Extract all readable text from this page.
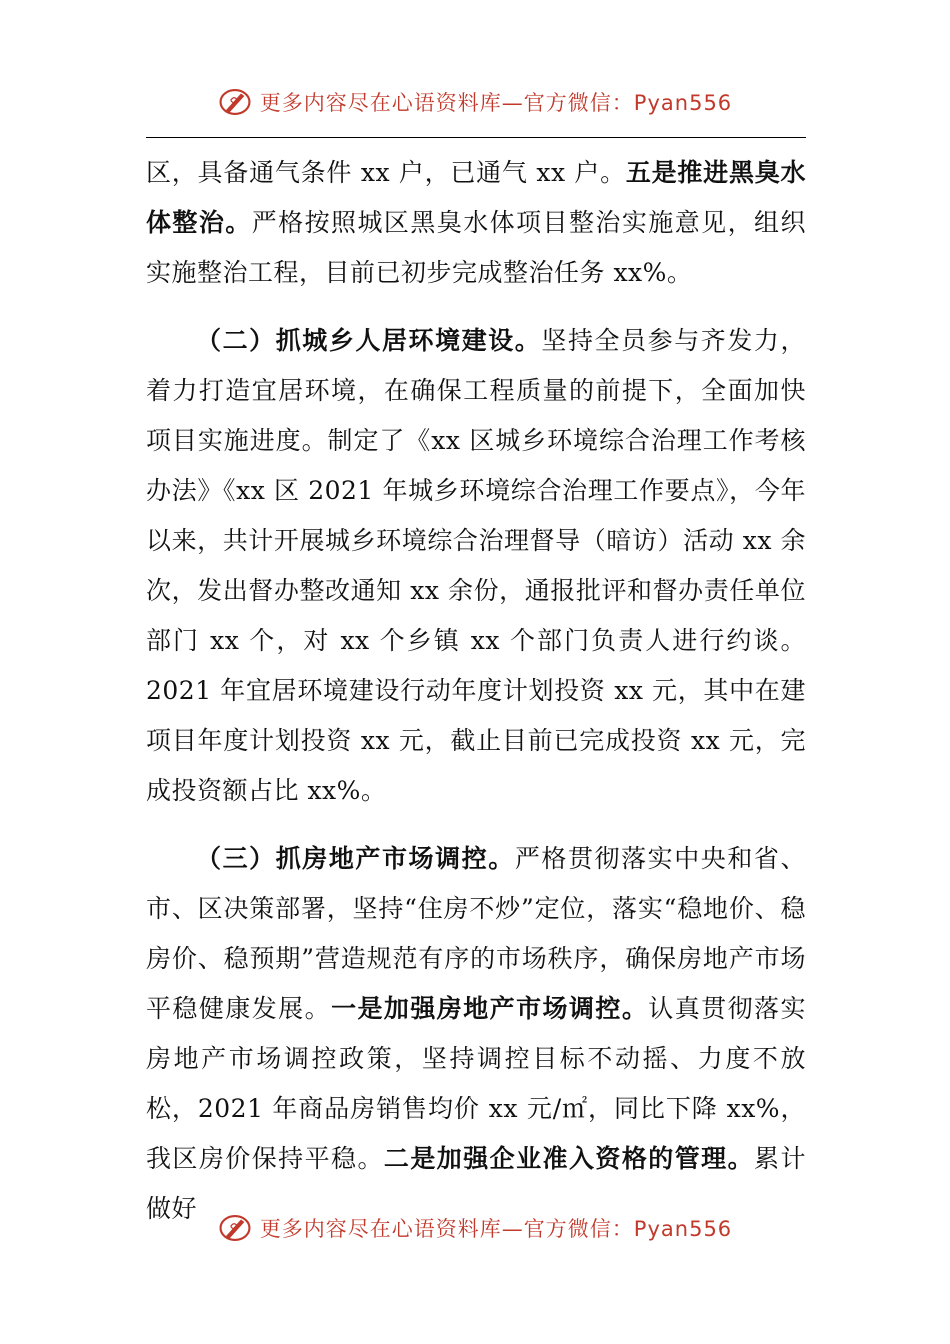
更多内容尽在心语资料库—官方微信：Pyan556

区，具备通气条件 xx 户，已通气 xx 户。五是推进黑臭水体整治。严格按照城区黑臭水体项目整治实施意见，组织实施整治工程，目前已初步完成整治任务 xx%。

（二）抓城乡人居环境建设。坚持全员参与齐发力，着力打造宜居环境，在确保工程质量的前提下，全面加快项目实施进度。制定了《xx 区城乡环境综合治理工作考核办法》《xx 区 2021 年城乡环境综合治理工作要点》，今年以来，共计开展城乡环境综合治理督导（暗访）活动 xx 余次，发出督办整改通知 xx 余份，通报批评和督办责任单位部门 xx 个，对 xx 个乡镇 xx 个部门负责人进行约谈。2021 年宜居环境建设行动年度计划投资 xx 元，其中在建项目年度计划投资 xx 元，截止目前已完成投资 xx 元，完成投资额占比 xx%。

（三）抓房地产市场调控。严格贯彻落实中央和省、市、区决策部署，坚持“住房不炒”定位，落实“稳地价、稳房价、稳预期”营造规范有序的市场秩序，确保房地产市场平稳健康发展。一是加强房地产市场调控。认真贯彻落实房地产市场调控政策，坚持调控目标不动摇、力度不放松，2021 年商品房销售均价 xx 元/㎡，同比下降 xx%，我区房价保持平稳。二是加强企业准入资格的管理。累计做好

更多内容尽在心语资料库—官方微信：Pyan556
